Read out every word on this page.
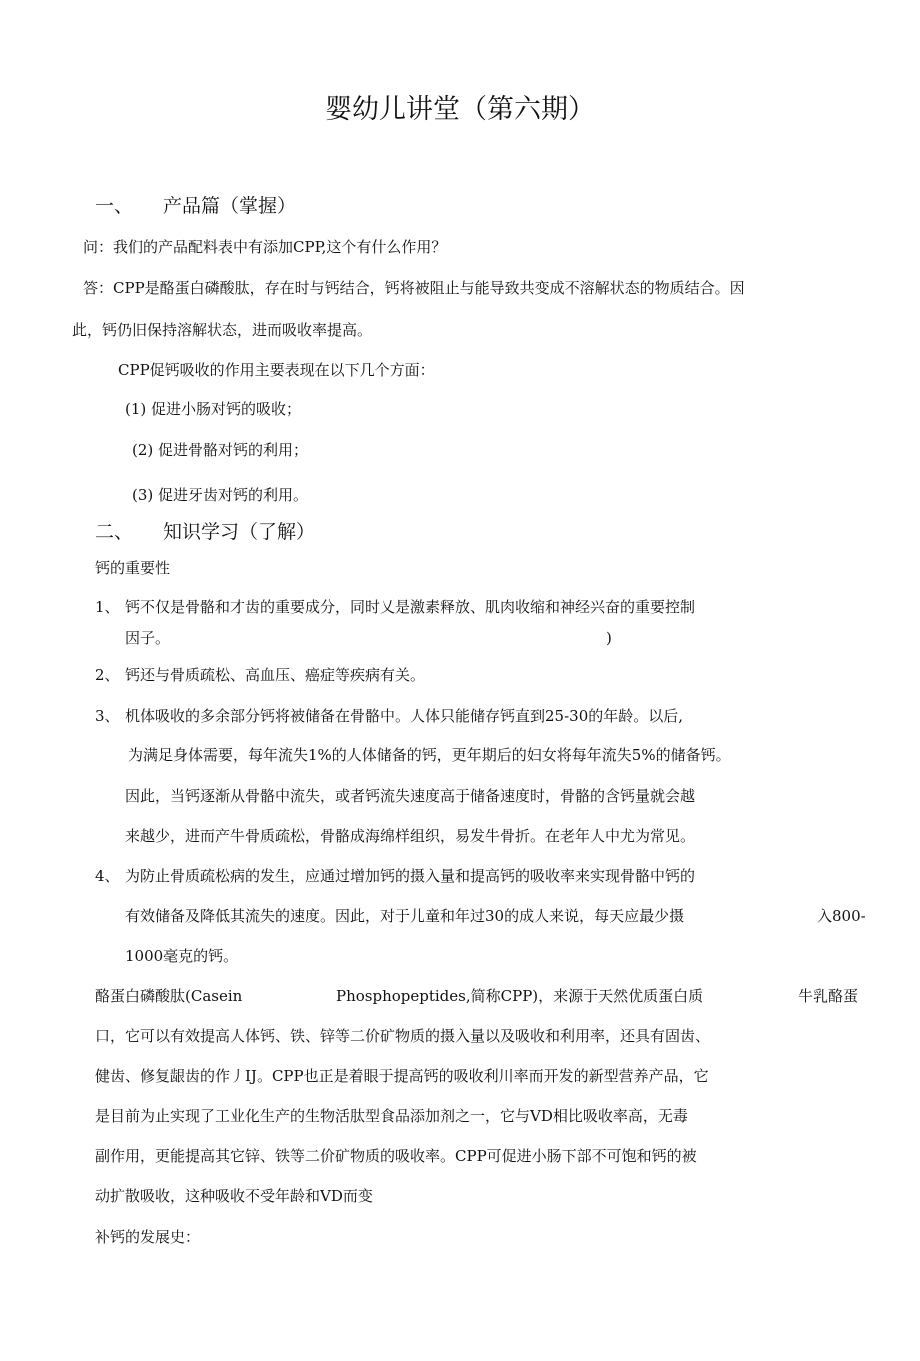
婴幼儿讲堂（第六期）
一、 产品篇（掌握）
问：我们的产品配料表中有添加CPP,这个有什么作用？
答：CPP是酪蛋白磷酸肽，存在时与钙结合，钙将被阻止与能导致共变成不溶解状态的物质结合。因
此，钙仍旧保持溶解状态，进而吸收率提高。
CPP促钙吸收的作用主要表现在以下几个方面：
(1) 促进小肠对钙的吸收；
(2) 促进骨骼对钙的利用；
(3) 促进牙齿对钙的利用。
二、 知识学习（了解）
钙的重要性
1、 钙不仅是骨骼和才齿的重要成分，同时乂是激素释放、肌肉收缩和神经兴奋的重要控制
因子。	)
2、 钙还与骨质疏松、高血压、癌症等疾病有关。
3、 机体吸收的多余部分钙将被储备在骨骼中。人体只能储存钙直到25-30的年龄。以后,
为满足身体需要，每年流失1%的人体储备的钙，更年期后的妇女将每年流失5%的储备钙。
因此，当钙逐渐从骨骼中流失，或者钙流失速度高于储备速度时，骨骼的含钙量就会越
来越少，进而产牛骨质疏松，骨骼成海绵样组织，易发牛骨折。在老年人中尤为常见。
4、 为防止骨质疏松病的发生，应通过增加钙的摄入量和提高钙的吸收率来实现骨骼中钙的
有效储备及降低其流失的速度。因此，对于儿童和年过30的成人来说，每天应最少摄	入800-
1000毫克的钙。
酪蛋白磷酸肽(Casein	Phosphopeptides,简称CPP)，来源于天然优质蛋白质	牛乳酪蛋
口，它可以有效提高人体钙、铁、锌等二价矿物质的摄入量以及吸收和利用率，还具有固齿、
健齿、修复龈齿的作丿IJ。CPP也正是着眼于提高钙的吸收利川率而开发的新型营养产品，它
是目前为止实现了工业化生产的生物活肽型食品添加剂之一，它与VD相比吸收率高，无毒
副作用，更能提高其它锌、铁等二价矿物质的吸收率。CPP可促进小肠下部不可饱和钙的被
动扩散吸收，这种吸收不受年龄和VD而变
补钙的发展史：
